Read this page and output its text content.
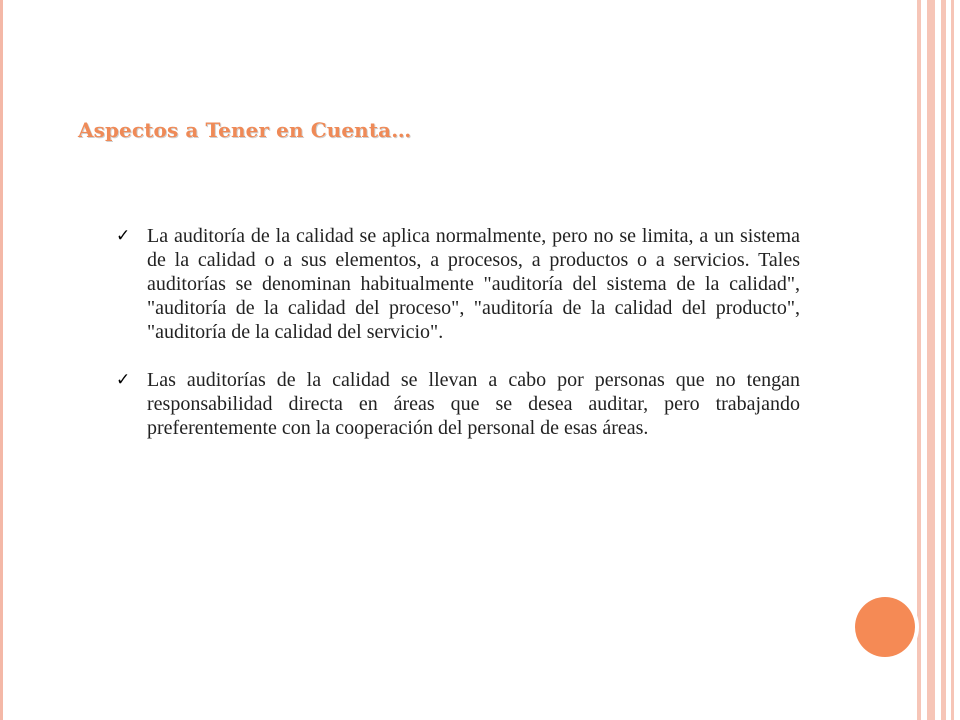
Aspectos a Tener en Cuenta…
✓ La auditoría de la calidad se aplica normalmente, pero no se limita, a un sistema de la calidad o a sus elementos, a procesos, a productos o a servicios. Tales auditorías se denominan habitualmente "auditoría del sistema de la calidad", "auditoría de la calidad del proceso", "auditoría de la calidad del producto", "auditoría de la calidad del servicio".
✓ Las auditorías de la calidad se llevan a cabo por personas que no tengan responsabilidad directa en áreas que se desea auditar, pero trabajando preferentemente con la cooperación del personal de esas áreas.
